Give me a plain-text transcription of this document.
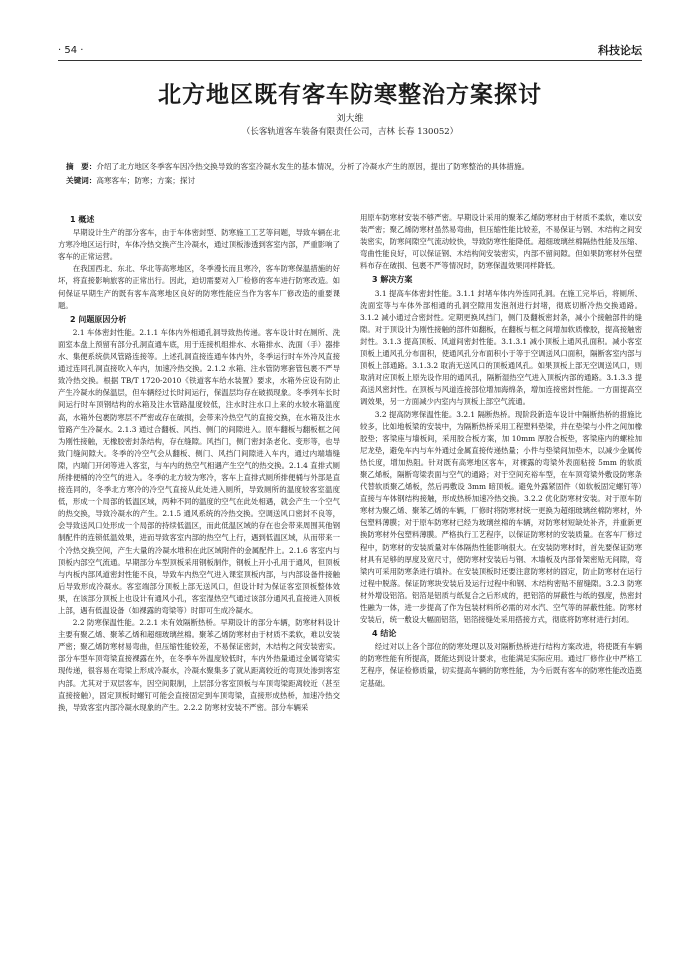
· 54 ·	科技论坛
北方地区既有客车防寒整治方案探讨
刘大维
（长客轨道客车装备有限责任公司，吉林 长春 130052）
摘　要：介绍了北方地区冬季客车因冷热交换导致的客室冷凝水发生的基本情况，分析了冷凝水产生的原因，提出了防寒整治的具体措施。
关键词：高寒客车；防寒；方案；探讨
1 概述

早期设计生产的部分客车，由于车体密封型、防寒施工工艺等问题，导致车辆在北方寒冷地区运行时，车体冷热交换产生冷凝水，通过顶板渗透到客室内部，严重影响了客车的正常运营。

在我国西北、东北、华北等高寒地区，冬季漫长而且寒冷，客车防寒保温措施的好坏，将直接影响旅客的正常出行。因此，迫切需要对入厂检修的客车进行防寒改造。如何保证早期生产的既有客车高寒地区良好的防寒性能应当作为客车厂修改造的重要课题。

2 问题原因分析

2.1 车体密封性能。2.1.1 车体内外相通孔洞导致热传递。客车设计时在厕所、洗面室本盘上预留有部分孔洞直通车底，用于连接机组排水、水箱排水、洗面（手）器排水、集便系统供风管路连接等。上述孔洞直接连通车体内外，冬季运行时车外冷风直接通过连同孔洞直接吹入车内，加速冷热交换。2.1.2 水箱、注水管防寒套管包裹不严导致冷热交换。根据 TB/T 1720-2010《铁道客车给水装置》要求，水箱外应设有防止产生冷凝水的保温层，但车辆经过长时间运行，保温层均存在破损现象。冬季列车长时间运行时车顶钢结构的水箱及注水管路温度较低，注水时注水口上来的水较水箱温度高，水箱外包裹防寒层不严密或存在破损，会带来冷热空气的直接交换，在水箱及注水管路产生冷凝水。2.1.3 通过合翻板、风挡、侧门的间隙进入。原车翻板与翻板框之间为刚性接触，无橡胶密封条结构，存在缝隙。风挡门，侧门密封条老化、变形等，也导致门缝间隙大。冬季的冷空气会从翻板、侧门、风挡门间隙进入车内，通过内端墙缝隙，内端门开闭等进入客室，与车内的热空气相遇产生空气的热交换。2.1.4 直排式厕所排便桶的冷空气的进入。冬季的北方较为寒冷，客车上直排式厕所排便桶与外部是直接连同的，冬季北方寒冷的冷空气直接从此处进入厕所，导致厕所的温度较客室温度低，形成一个局部的低温区域，两种不同的温度的空气在此处相遇，就会产生一个空气的热交换，导致冷凝水的产生。2.1.5 通风系统的冷热交换。空调送风口密封不良等，会导致送风口处形成一个局部的持续低温区，而此低温区域的存在也会带来周围其他钢制配件的连锁低温效果，进而导致客室内部的热空气上行，遇到低温区域，从而带来一个冷热交换空间，产生大量的冷凝水堆积在此区域附件的金属配件上。2.1.6 客室内与顶板内部空气流通。早期部分车型顶板采用钢板制作，钢板上开小孔用于通风，但顶板与内板内部风道密封性能不良，导致车内热空气进入课室顶板内部，与内部设备件接触后导致形成冷凝水。客室端部分顶板上部无送风口，但设计时为保证客室顶板整体效果，在该部分顶板上也设计有通风小孔，客室湿热空气通过该部分通风孔直接进入顶板上部，遇有低温设备（如裸露的弯梁等）时即可生成冷凝水。

2.2 防寒保温性能。2.2.1 未有效隔断热桥。早期设计的部分车辆，防寒材料设计主要有聚乙烯、聚苯乙烯和超细玻璃丝棉。聚苯乙烯防寒材由于材质不柔软，难以安装严密；聚乙烯防寒材易弯曲，但压缩性能较差，不易保证密封，木结构之间安装密实。部分车型车顶弯梁直接裸露在外，在冬季车外温度较低时，车内外热量通过金属弯梁实现传递，很容易在弯梁上形成冷凝水，冷凝水聚集多了就从距离较近的弯顶处渗到客室内部。尤其对于双层客车，因空间限制，上层部分客室顶板与车顶弯梁距离较近（甚至直接接触），固定顶板时螺钉可能会直接固定到车顶弯梁，直接形成热桥，加速冷热交换，导致客室内部冷凝水现象的产生。2.2.2 防寒材安装不严密。部分车辆采

用原车防寒材安装不够严密。早期设计采用的聚苯乙烯防寒材由于材质不柔软，难以安装严密；聚乙烯防寒材虽然易弯曲，但压缩性能比较差，不易保证与钢、木结构之间安装密实，防寒间隙空气流动较快，导致防寒性能降低。超细玻璃丝棉隔热性能及压缩、弯曲性能良好，可以保证钢、木结构间安装密实，内部不留间隙。但如果防寒材外包塑料布存在破损、包裹不严等情况时，防寒保温效果同样降低。

3 解决方案

3.1 提高车体密封性能。3.1.1 封堵车体内外连同孔洞。在施工完毕后，将厕所、洗面室等与车体外部相通的孔洞空隙用发泡剂进行封堵，彻底切断冷热交换通路。3.1.2 减小通过合密封性。定期更换风挡门，侧门及翻板密封条，减小个接触部件的缝隙。对于顶设计为刚性接触的部件如翻板，在翻板与框之间增加软质橡胶，提高接触密封性。3.1.3 提高顶板、风道间密封性能。3.1.3.1 减小顶板上通风孔面积。减小客室顶板上通风孔分布面积，使通风孔分布面积小于等于空调送风口面积，隔断客室内部与顶板上部通路。3.1.3.2 取消无送风口的顶板通风孔。如果顶板上部无空调送风口，则取消对应顶板上原先设作用的通风孔，隔断湿热空气进入顶板内部的通路。3.1.3.3 提高送风密封性。在顶板与风道连接部位增加海绵条，增加连接密封性能。一方面提高空调效果，另一方面减少内室内与顶板上部空气流通。

3.2 提高防寒保温性能。3.2.1 隔断热桥。现阶段新造车设计中隔断热桥的措施比较多，比如地板梁的安装中，为隔断热桥采用工程塑料垫梁，并在垫梁与小件之间加橡胶垫；客梁座与墙板间，采用胶合板方案，加 10mm 厚胶合板垫，客梁座内的螺栓加尼龙垫，避免车内与车外通过金属直接传递热量；小件与垫梁间加垫木，以减少金属传热长度，增加热阻。针对既有高寒地区客车，对裸露的弯梁外表面粘接 5mm 的软质聚乙烯板，隔断弯梁表面与空气的通路；对于空间充裕车型，在车顶弯梁外敷设防寒条代替软质聚乙烯板，然后再敷设 3mm 暗顶板。避免外露紧固件（如软板固定螺钉等）直接与车体钢结构接触，形成热桥加速冷热交换。3.2.2 优化防寒材安装。对于原车防寒材为聚乙烯、聚苯乙烯的车辆，厂修时将防寒材统一更换为超细玻璃丝棉防寒材，外包塑料薄膜；对于原车防寒材已经为玻璃丝棉的车辆，对防寒材短缺处补齐，并重新更换防寒材外包塑料薄膜。严格执行工艺程序，以保证防寒材的安装质量。在客车厂修过程中，防寒材的安装质量对车体隔热性能影响很大。在安装防寒材时，首先要保证防寒材具有足够的厚度及宽尺寸，使防寒材安装后与钢、木墙板及内部骨架密贴无间隙，弯梁内可采用防寒条进行填补。在安装顶板时还要注意防寒材的固定，防止防寒材在运行过程中脱落。保证防寒块安装后及运行过程中和钢、木结构密贴不留缝隙。3.2.3 防寒材外增设铝箔。铝箔是铝质与纸复合之后形成的，把铝箔的屏蔽性与纸的强度，热密封性融为一体，进一步提高了作为包装材料所必需的对水汽、空气等的屏蔽性能。防寒材安装后，统一敷设大幅面铝箔，铝箔接缝处采用搭接方式，彻底将防寒材进行封闭。

4 结论

经过对以上各个部位的防寒处理以及对隔断热桥进行结构方案改进，将使既有车辆的防寒性能有所提高，既能达到设计要求，也能满足实际应用。通过厂修作业中严格工艺程序，保证检修质量，切实提高车辆的防寒性能，为今后既有客车的防寒性能改造奠定基础。
